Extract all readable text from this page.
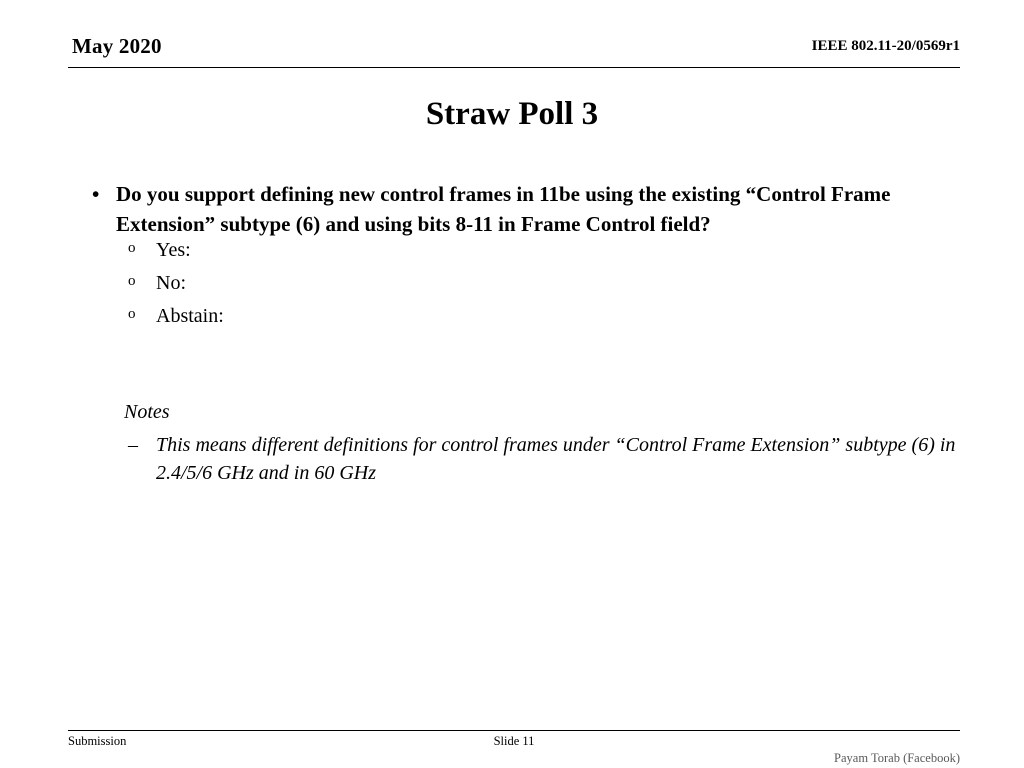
May 2020	IEEE 802.11-20/0569r1
Straw Poll 3
• Do you support defining new control frames in 11be using the existing “Control Frame Extension” subtype (6) and using bits 8-11 in Frame Control field?
o Yes:
o No:
o Abstain:
Notes
– This means different definitions for control frames under “Control Frame Extension” subtype (6) in 2.4/5/6 GHz and in 60 GHz
Slide 11
Submission
Payam Torab (Facebook)
